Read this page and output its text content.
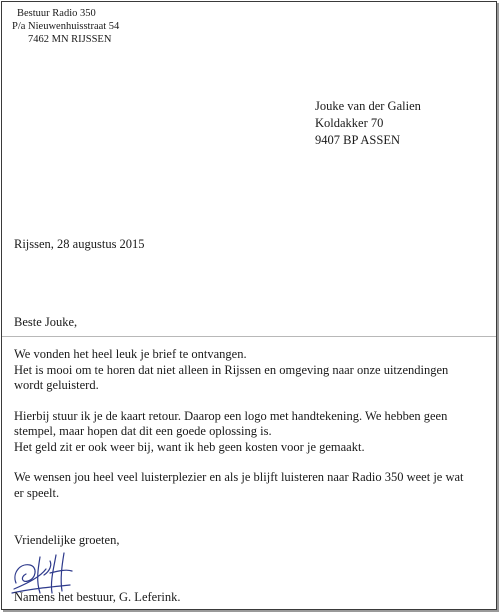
Bestuur Radio 350
P/a Nieuwenhuisstraat 54
7462 MN RIJSSEN
Jouke van der Galien
Koldakker 70
9407 BP ASSEN
Rijssen, 28 augustus 2015
Beste Jouke,

We vonden het heel leuk je brief te ontvangen.
Het is mooi om te horen dat niet alleen in Rijssen en omgeving naar onze uitzendingen
wordt geluisterd.

Hierbij stuur ik je de kaart retour. Daarop een logo met handtekening. We hebben geen
stempel, maar hopen dat dit een goede oplossing is.
Het geld zit er ook weer bij, want ik heb geen kosten voor je gemaakt.

We wensen jou heel veel luisterplezier en als je blijft luisteren naar Radio 350 weet je wat
er speelt.

Vriendelijke groeten,
Namens het bestuur, G. Leferink.
